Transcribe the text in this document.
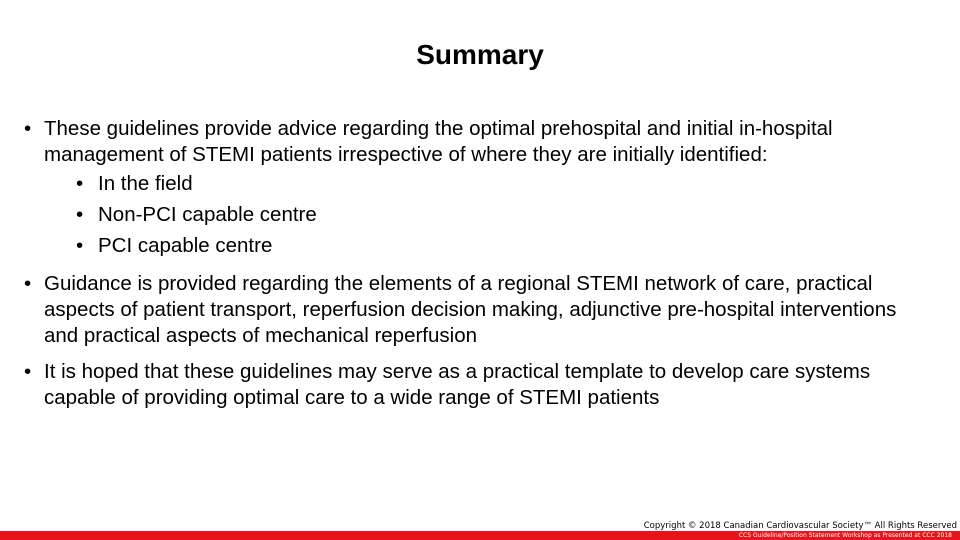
Summary
• These guidelines provide advice regarding the optimal prehospital and initial in-hospital management of STEMI patients irrespective of where they are initially identified:
• In the field
• Non-PCI capable centre
• PCI capable centre
• Guidance is provided regarding the elements of a regional STEMI network of care, practical aspects of patient transport, reperfusion decision making, adjunctive pre-hospital interventions and practical aspects of mechanical reperfusion
• It is hoped that these guidelines may serve as a practical template to develop care systems capable of providing optimal care to a wide range of STEMI patients
Copyright © 2018 Canadian Cardiovascular Society™ All Rights Reserved
CCS Guideline/Position Statement Workshop as Presented at CCC 2018
